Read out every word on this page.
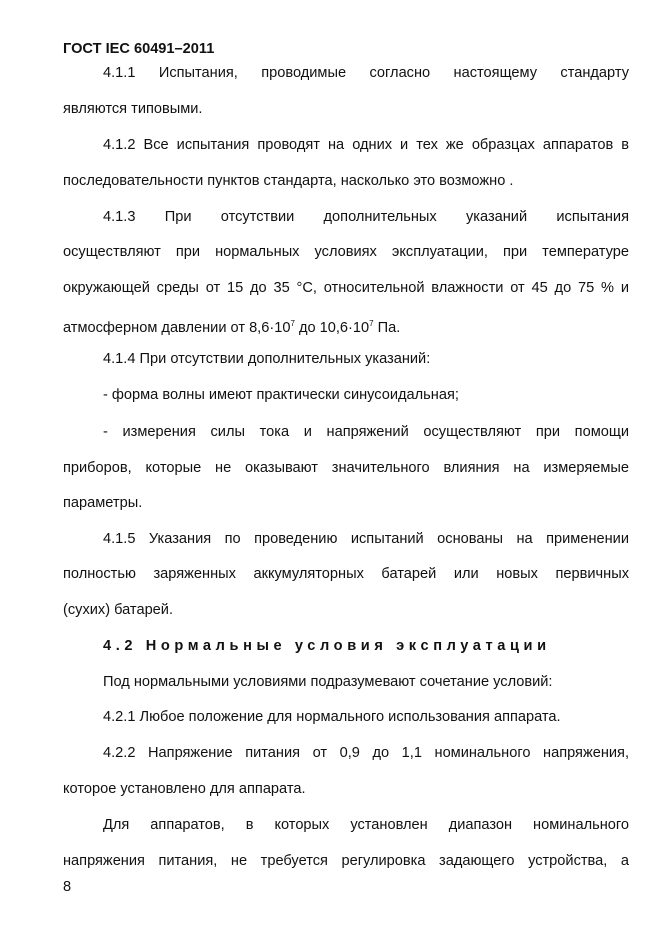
ГОСТ IEC 60491–2011
4.1.1 Испытания, проводимые согласно настоящему стандарту
являются типовыми.
4.1.2 Все испытания проводят на одних и тех же образцах аппаратов в
последовательности пунктов стандарта, насколько это возможно .
4.1.3 При отсутствии дополнительных указаний испытания
осуществляют при нормальных условиях эксплуатации, при температуре
окружающей среды от 15 до 35 °С, относительной влажности от 45 до 75 % и
атмосферном давлении от $8,6\cdot 10^7$ до $10,6\cdot 10^7$ Па.
4.1.4 При отсутствии дополнительных указаний:
- форма волны имеют практически синусоидальная;
- измерения силы тока и напряжений осуществляют при помощи
приборов, которые не оказывают значительного влияния на измеряемые
параметры.
4.1.5 Указания по проведению испытаний основаны на применении
полностью заряженных аккумуляторных батарей или новых первичных
(сухих) батарей.
4.2 Нормальные условия эксплуатации
Под нормальными условиями подразумевают сочетание условий:
4.2.1 Любое положение для нормального использования аппарата.
4.2.2 Напряжение питания от 0,9 до 1,1 номинального напряжения,
которое установлено для аппарата.
Для аппаратов, в которых установлен диапазон номинального
напряжения питания, не требуется регулировка задающего устройства, а
8
